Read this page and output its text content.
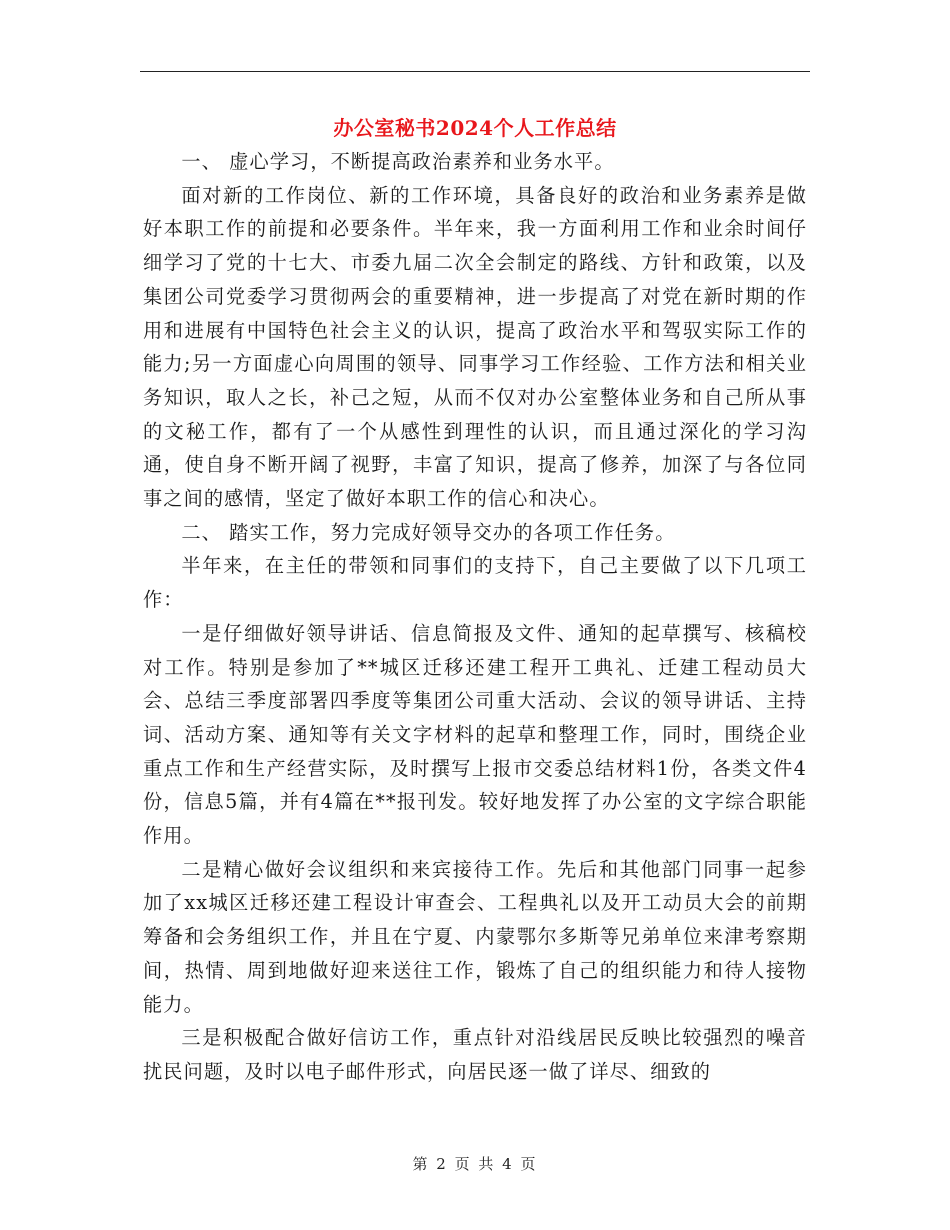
办公室秘书2024个人工作总结

一、 虚心学习，不断提高政治素养和业务水平。

面对新的工作岗位、新的工作环境，具备良好的政治和业务素养是做好本职工作的前提和必要条件。半年来，我一方面利用工作和业余时间仔细学习了党的十七大、市委九届二次全会制定的路线、方针和政策，以及集团公司党委学习贯彻两会的重要精神，进一步提高了对党在新时期的作用和进展有中国特色社会主义的认识，提高了政治水平和驾驭实际工作的能力;另一方面虚心向周围的领导、同事学习工作经验、工作方法和相关业务知识，取人之长，补己之短，从而不仅对办公室整体业务和自己所从事的文秘工作，都有了一个从感性到理性的认识，而且通过深化的学习沟通，使自身不断开阔了视野，丰富了知识，提高了修养，加深了与各位同事之间的感情，坚定了做好本职工作的信心和决心。

二、 踏实工作，努力完成好领导交办的各项工作任务。

半年来，在主任的带领和同事们的支持下，自己主要做了以下几项工作：

一是仔细做好领导讲话、信息简报及文件、通知的起草撰写、核稿校对工作。特别是参加了**城区迁移还建工程开工典礼、迁建工程动员大会、总结三季度部署四季度等集团公司重大活动、会议的领导讲话、主持词、活动方案、通知等有关文字材料的起草和整理工作，同时，围绕企业重点工作和生产经营实际，及时撰写上报市交委总结材料1份，各类文件4份，信息5篇，并有4篇在**报刊发。较好地发挥了办公室的文字综合职能作用。

二是精心做好会议组织和来宾接待工作。先后和其他部门同事一起参加了xx城区迁移还建工程设计审查会、工程典礼以及开工动员大会的前期筹备和会务组织工作，并且在宁夏、内蒙鄂尔多斯等兄弟单位来津考察期间，热情、周到地做好迎来送往工作，锻炼了自己的组织能力和待人接物能力。

三是积极配合做好信访工作，重点针对沿线居民反映比较强烈的噪音扰民问题，及时以电子邮件形式，向居民逐一做了详尽、细致的

第 2 页 共 4 页
